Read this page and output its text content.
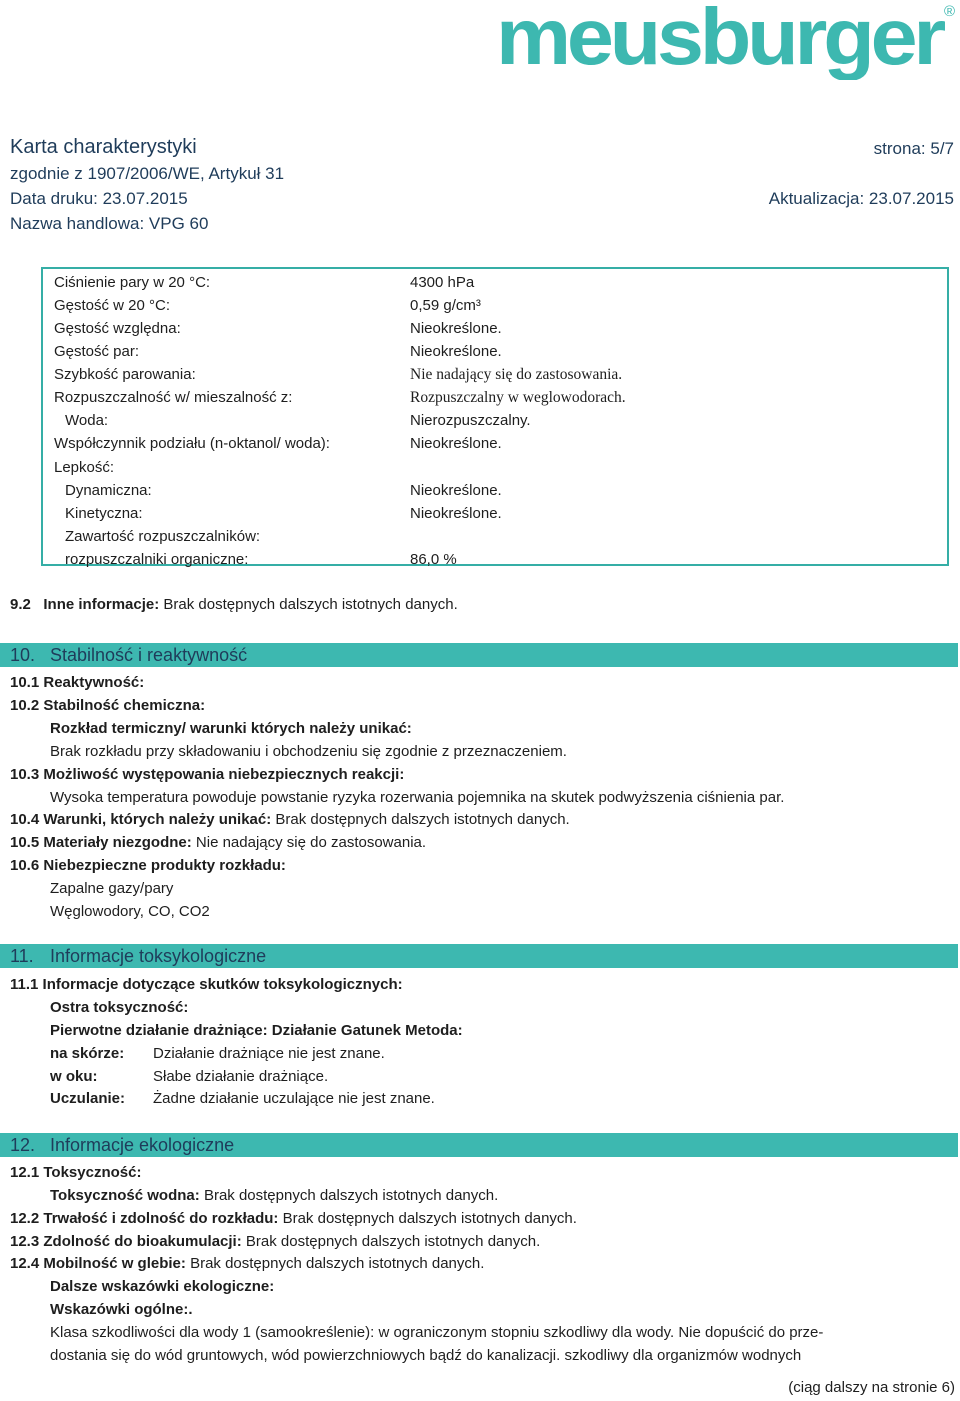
meusburger
®
Karta charakterystyki	strona: 5/7
zgodnie z 1907/2006/WE, Artykuł 31
Data druku: 23.07.2015	Aktualizacja: 23.07.2015
Nazwa handlowa: VPG 60
Ciśnienie pary w 20 °C:	4300 hPa
Gęstość w 20 °C:	0,59 g/cm³
Gęstość względna:	Nieokreślone.
Gęstość par:	Nieokreślone.
Szybkość parowania:	Nie nadający się do zastosowania.
Rozpuszczalność w/ mieszalność z:	Rozpuszczalny w weglowodorach.
Woda:	Nierozpuszczalny.
Współczynnik podziału (n-oktanol/ woda):	Nieokreślone.
Lepkość:
Dynamiczna:	Nieokreślone.
Kinetyczna:	Nieokreślone.
Zawartość rozpuszczalników:
rozpuszczalniki organiczne:	86,0 %
9.2 Inne informacje: Brak dostępnych dalszych istotnych danych.
10. Stabilność i reaktywność
10.1 Reaktywność:
10.2 Stabilność chemiczna:
Rozkład termiczny/ warunki których należy unikać:
Brak rozkładu przy składowaniu i obchodzeniu się zgodnie z przeznaczeniem.
10.3 Możliwość występowania niebezpiecznych reakcji:
Wysoka temperatura powoduje powstanie ryzyka rozerwania pojemnika na skutek podwyższenia ciśnienia par.
10.4 Warunki, których należy unikać: Brak dostępnych dalszych istotnych danych.
10.5 Materiały niezgodne: Nie nadający się do zastosowania.
10.6 Niebezpieczne produkty rozkładu:
Zapalne gazy/pary
Węglowodory, CO, CO2
11. Informacje toksykologiczne
11.1 Informacje dotyczące skutków toksykologicznych:
Ostra toksyczność:
Pierwotne działanie drażniące: Działanie Gatunek Metoda:
na skórze: Działanie drażniące nie jest znane.
w oku:	Słabe działanie drażniące.
Uczulanie: Żadne działanie uczulające nie jest znane.
12. Informacje ekologiczne
12.1 Toksyczność:
Toksyczność wodna: Brak dostępnych dalszych istotnych danych.
12.2 Trwałość i zdolność do rozkładu: Brak dostępnych dalszych istotnych danych.
12.3 Zdolność do bioakumulacji: Brak dostępnych dalszych istotnych danych.
12.4 Mobilność w glebie: Brak dostępnych dalszych istotnych danych.
Dalsze wskazówki ekologiczne:
Wskazówki ogólne:.
Klasa szkodliwości dla wody 1 (samookreślenie): w ograniczonym stopniu szkodliwy dla wody. Nie dopuścić do prze-
dostania się do wód gruntowych, wód powierzchniowych bądź do kanalizacji. szkodliwy dla organizmów wodnych
(ciąg dalszy na stronie 6)
